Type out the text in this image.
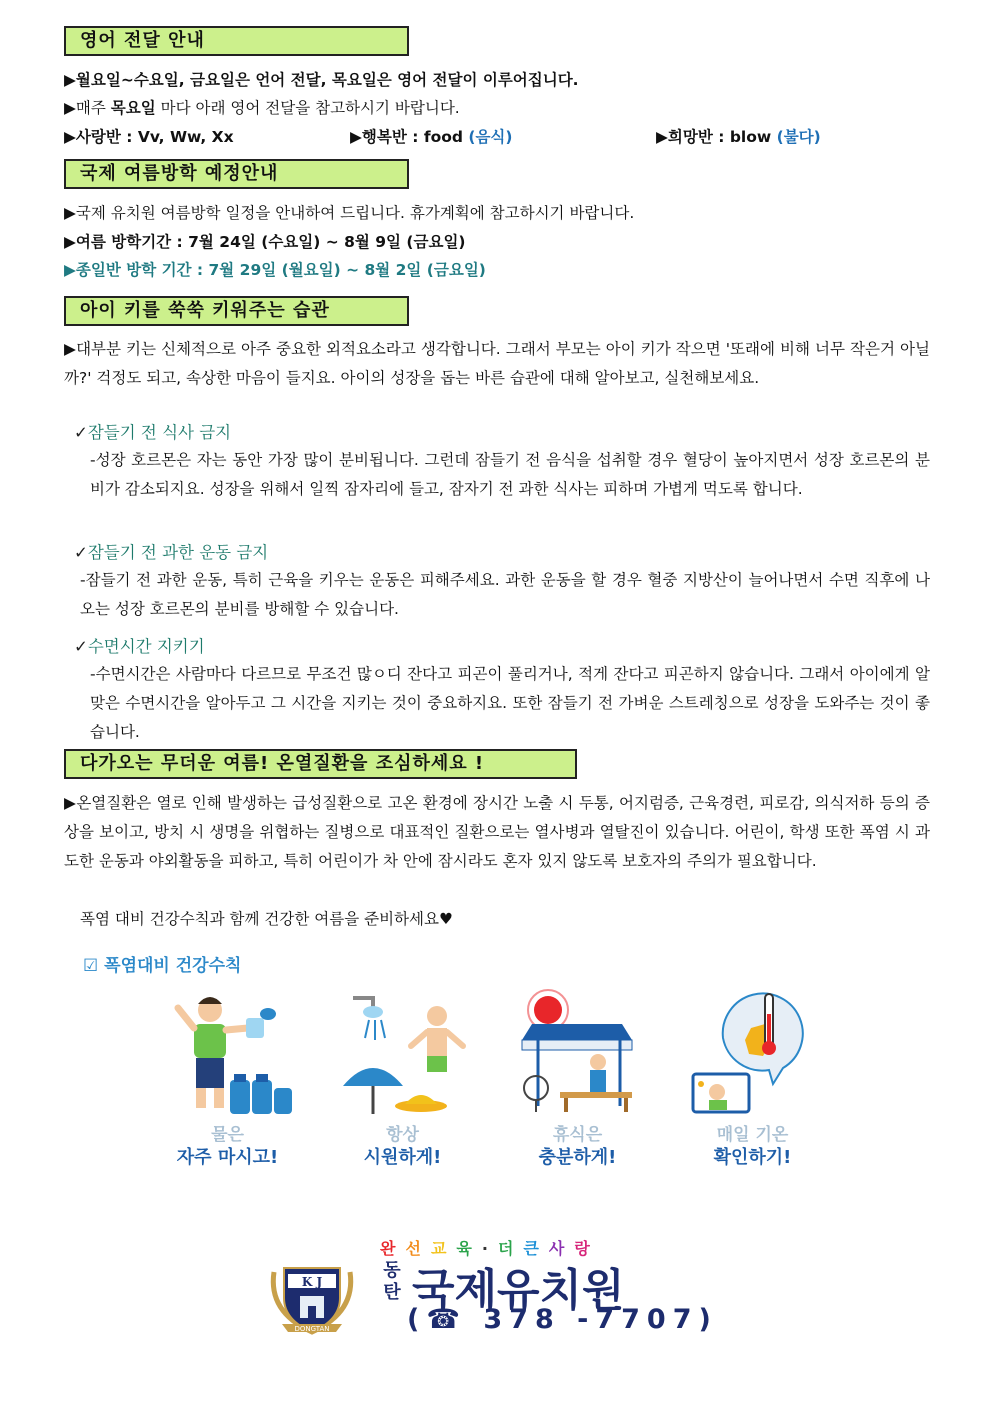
영어 전달 안내
▶월요일~수요일, 금요일은 언어 전달, 목요일은 영어 전달이 이루어집니다.
▶매주 목요일 마다 아래 영어 전달을 참고하시기 바랍니다.
▶사랑반 : Vv, Ww, Xx	▶행복반 : food (음식)	▶희망반 : blow (불다)
국제 여름방학 예정안내
▶국제 유치원 여름방학 일정을 안내하여 드립니다. 휴가계획에 참고하시기 바랍니다.
▶여름 방학기간 : 7월 24일 (수요일) ~ 8월 9일 (금요일)
▶종일반 방학 기간 : 7월 29일 (월요일) ~ 8월 2일 (금요일)
아이 키를 쑥쑥 키워주는 습관
▶대부분 키는 신체적으로 아주 중요한 외적요소라고 생각합니다. 그래서 부모는 아이 키가 작으면 '또래에 비해 너무 작은거 아닐까?' 걱정도 되고, 속상한 마음이 들지요. 아이의 성장을 돕는 바른 습관에 대해 알아보고, 실천해보세요.
✓잠들기 전 식사 금지
-성장 호르몬은 자는 동안 가장 많이 분비됩니다. 그런데 잠들기 전 음식을 섭취할 경우 혈당이 높아지면서 성장 호르몬의 분비가 감소되지요. 성장을 위해서 일찍 잠자리에 들고, 잠자기 전 과한 식사는 피하며 가볍게 먹도록 합니다.
✓잠들기 전 과한 운동 금지
-잠들기 전 과한 운동, 특히 근육을 키우는 운동은 피해주세요. 과한 운동을 할 경우 혈중 지방산이 늘어나면서 수면 직후에 나오는 성장 호르몬의 분비를 방해할 수 있습니다.
✓수면시간 지키기
-수면시간은 사람마다 다르므로 무조건 많ㅇ디 잔다고 피곤이 풀리거나, 적게 잔다고 피곤하지 않습니다. 그래서 아이에게 알맞은 수면시간을 알아두고 그 시간을 지키는 것이 중요하지요. 또한 잠들기 전 가벼운 스트레칭으로 성장을 도와주는 것이 좋습니다.
다가오는 무더운 여름! 온열질환을 조심하세요 !
▶온열질환은 열로 인해 발생하는 급성질환으로 고온 환경에 장시간 노출 시 두통, 어지럼증, 근육경련, 피로감, 의식저하 등의 증상을 보이고, 방치 시 생명을 위협하는 질병으로 대표적인 질환으로는 열사병과 열탈진이 있습니다. 어린이, 학생 또한 폭염 시 과도한 운동과 야외활동을 피하고, 특히 어린이가 차 안에 잠시라도 혼자 있지 않도록 보호자의 주의가 필요합니다.
폭염 대비 건강수칙과 함께 건강한 여름을 준비하세요♥
☑ 폭염대비 건강수칙
물은
자주 마시고!
항상
시원하게!
휴식은
충분하게!
매일 기온
확인하기!
K J
DONGTAN
완선교육·더큰사랑
동
탄 국제유치원
(☎ 378 -7707)
